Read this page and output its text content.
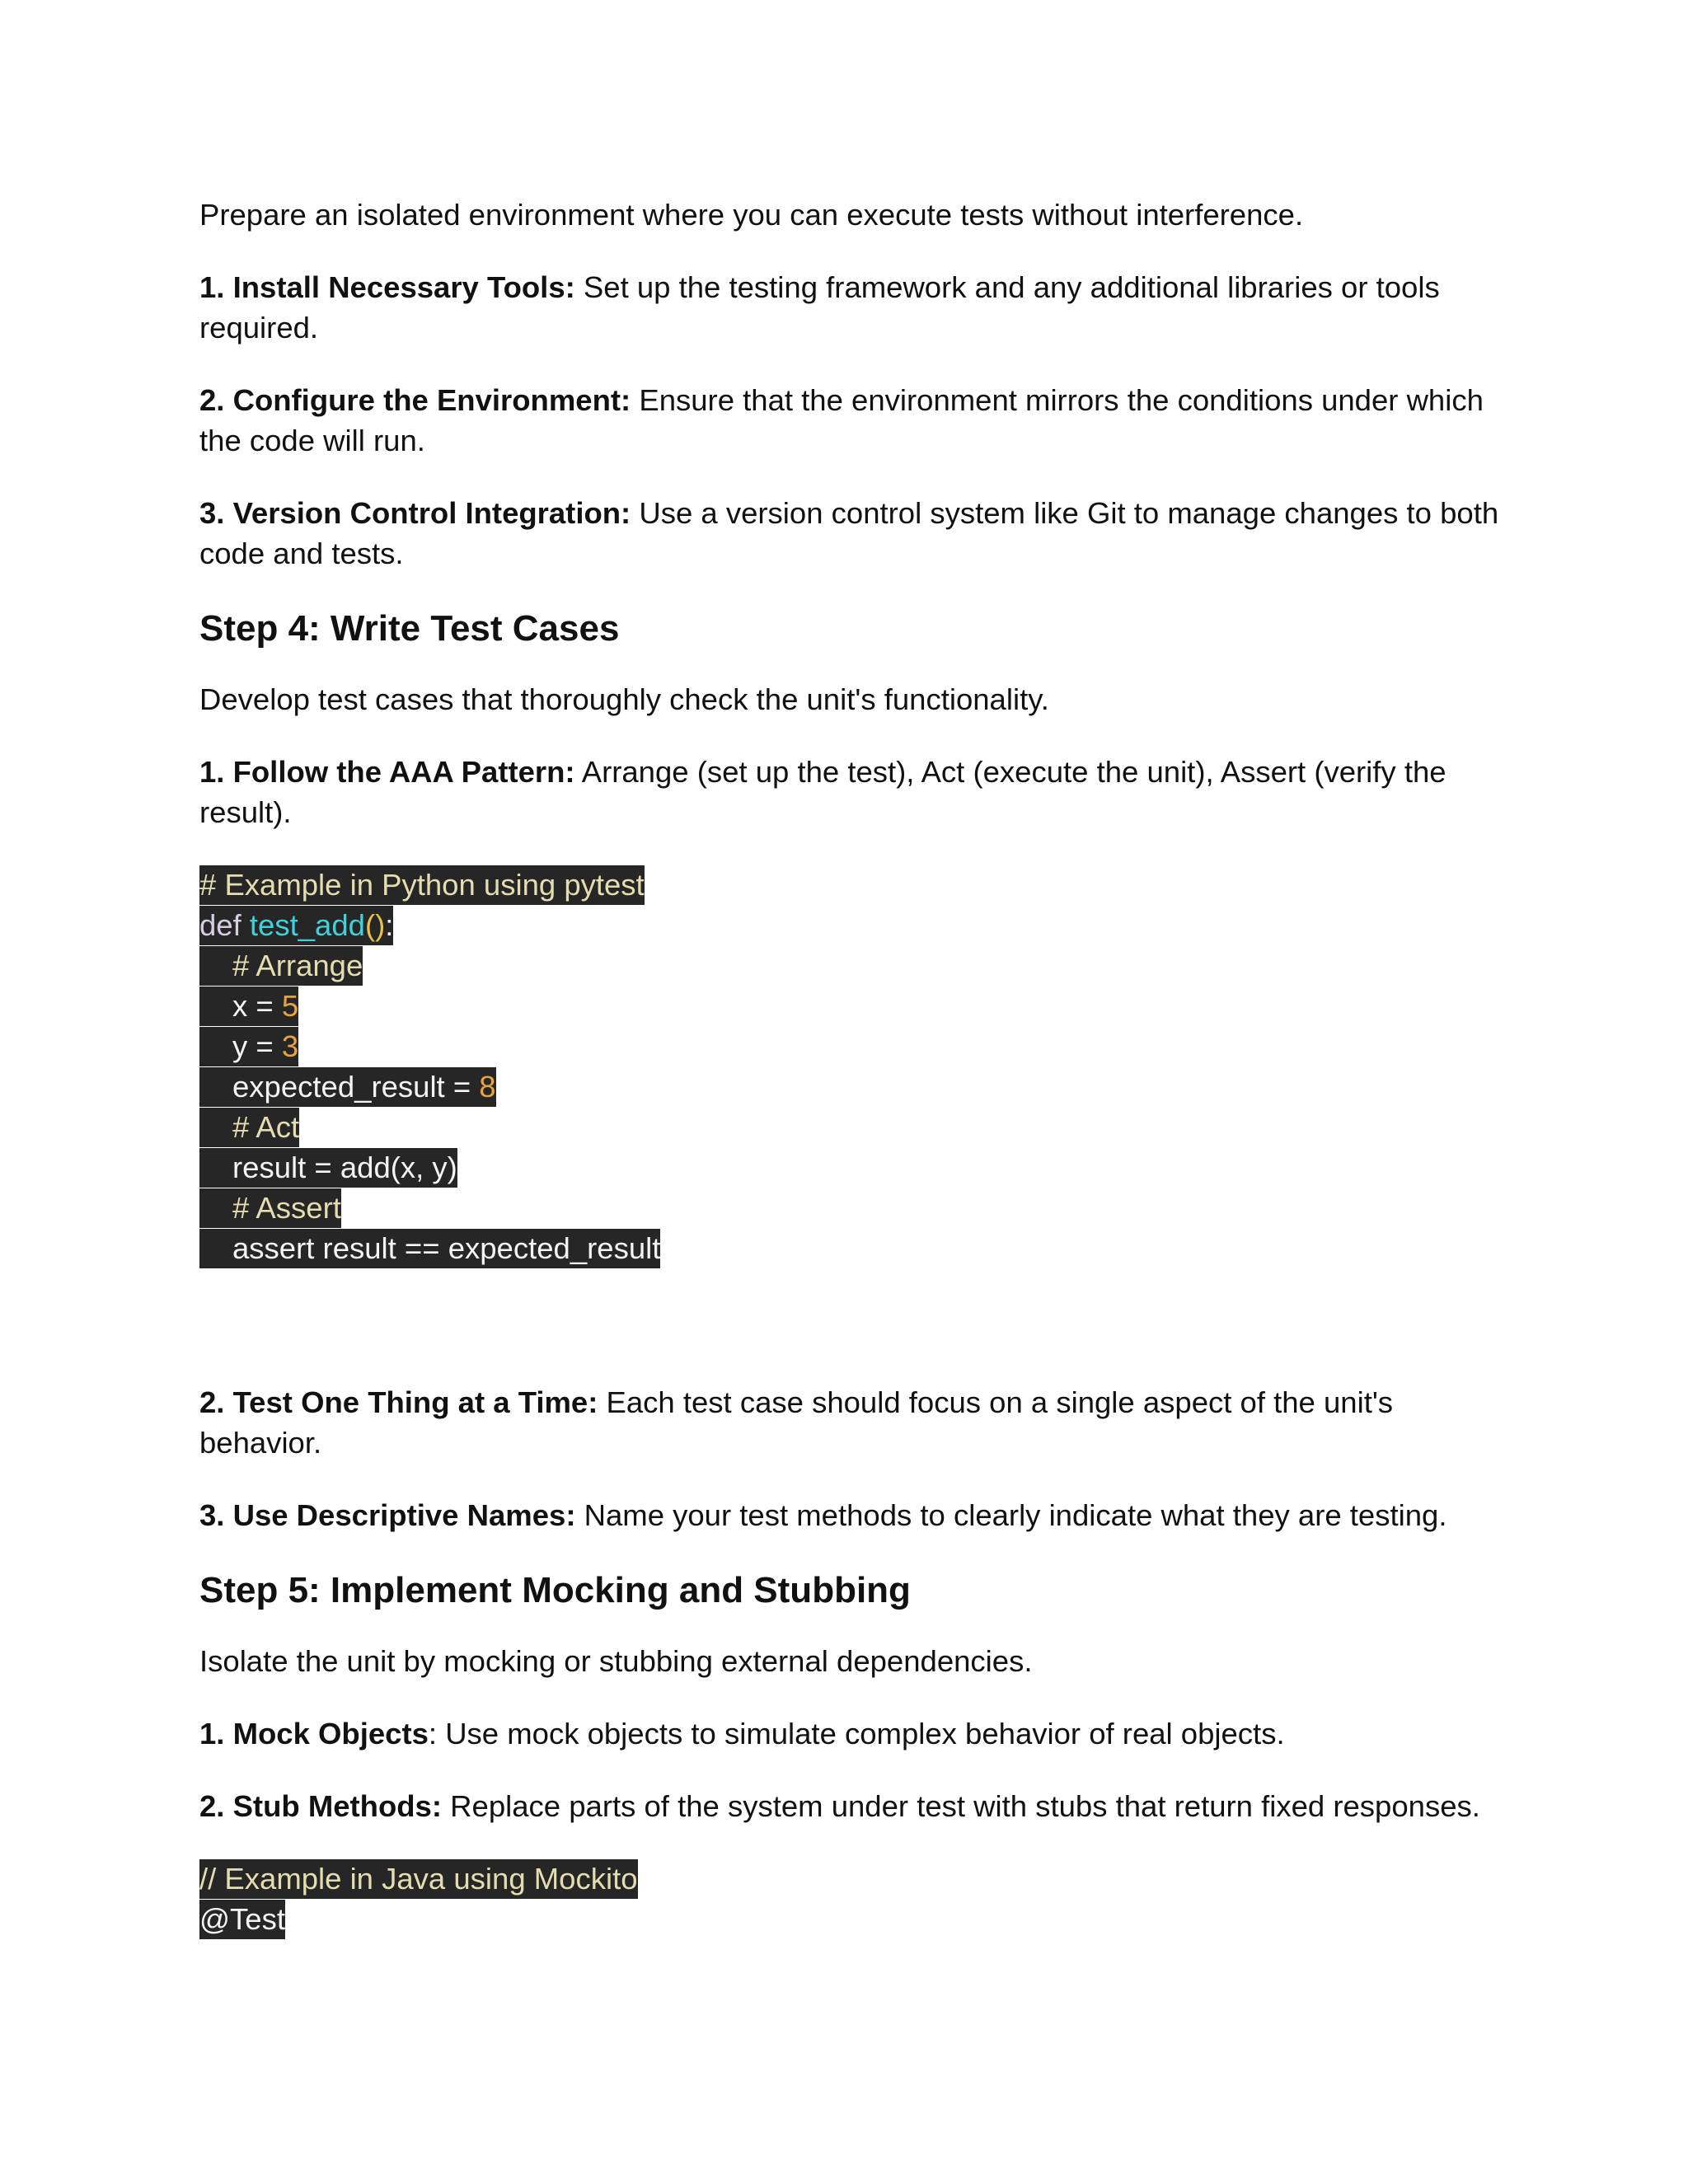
Prepare an isolated environment where you can execute tests without interference.

1. Install Necessary Tools: Set up the testing framework and any additional libraries or tools required.

2. Configure the Environment: Ensure that the environment mirrors the conditions under which the code will run.

3. Version Control Integration: Use a version control system like Git to manage changes to both code and tests.

Step 4: Write Test Cases

Develop test cases that thoroughly check the unit's functionality.

1. Follow the AAA Pattern: Arrange (set up the test), Act (execute the unit), Assert (verify the result).

# Example in Python using pytest
def test_add():
# Arrange
x = 5
y = 3
expected_result = 8
# Act
result = add(x, y)
# Assert
assert result == expected_result

2. Test One Thing at a Time: Each test case should focus on a single aspect of the unit's behavior.

3. Use Descriptive Names: Name your test methods to clearly indicate what they are testing.

Step 5: Implement Mocking and Stubbing

Isolate the unit by mocking or stubbing external dependencies.

1. Mock Objects: Use mock objects to simulate complex behavior of real objects.

2. Stub Methods: Replace parts of the system under test with stubs that return fixed responses.

// Example in Java using Mockito
@Test
